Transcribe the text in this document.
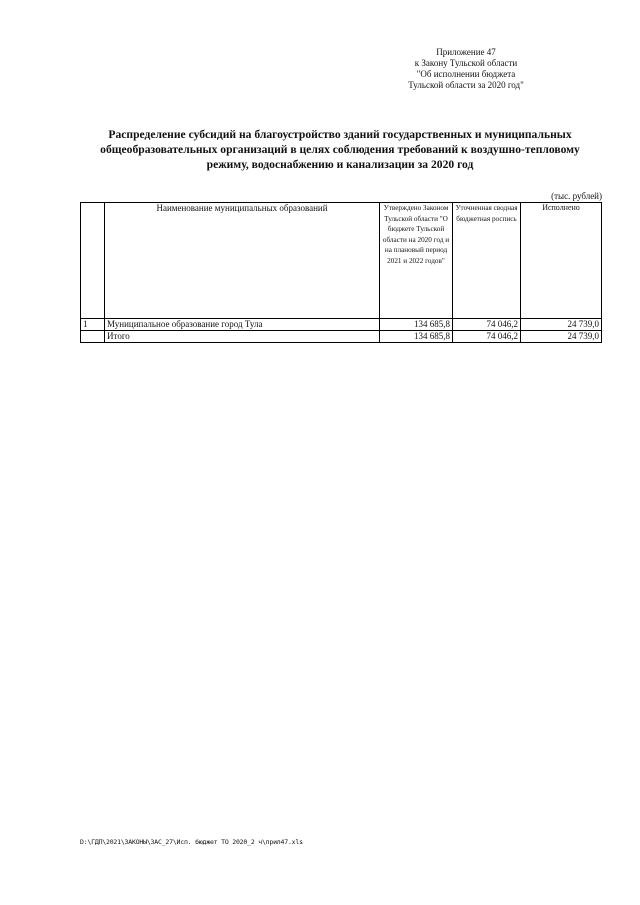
Приложение 47
к Закону Тульской области
"Об исполнении бюджета
Тульской области за 2020 год"
Распределение субсидий на благоустройство зданий государственных и муниципальных
общеобразовательных организаций в целях соблюдения требований к воздушно-тепловому
режиму, водоснабжению и канализации за 2020 год
(тыс. рублей)
	Наименование муниципальных образований	Утверждено Законом Тульской области "О бюджете Тульской области на 2020 год и на плановый период 2021 и 2022 годов"	Уточненная сводная бюджетная роспись	Исполнено
1	Муниципальное образование город Тула	134 685,8	74 046,2	24 739,0
	Итого	134 685,8	74 046,2	24 739,0
D:\ГДП\2021\ЗАКОНЫ\ЗАС_27\Исп. бюджет ТО 2020_2 ч\прил47.xls
